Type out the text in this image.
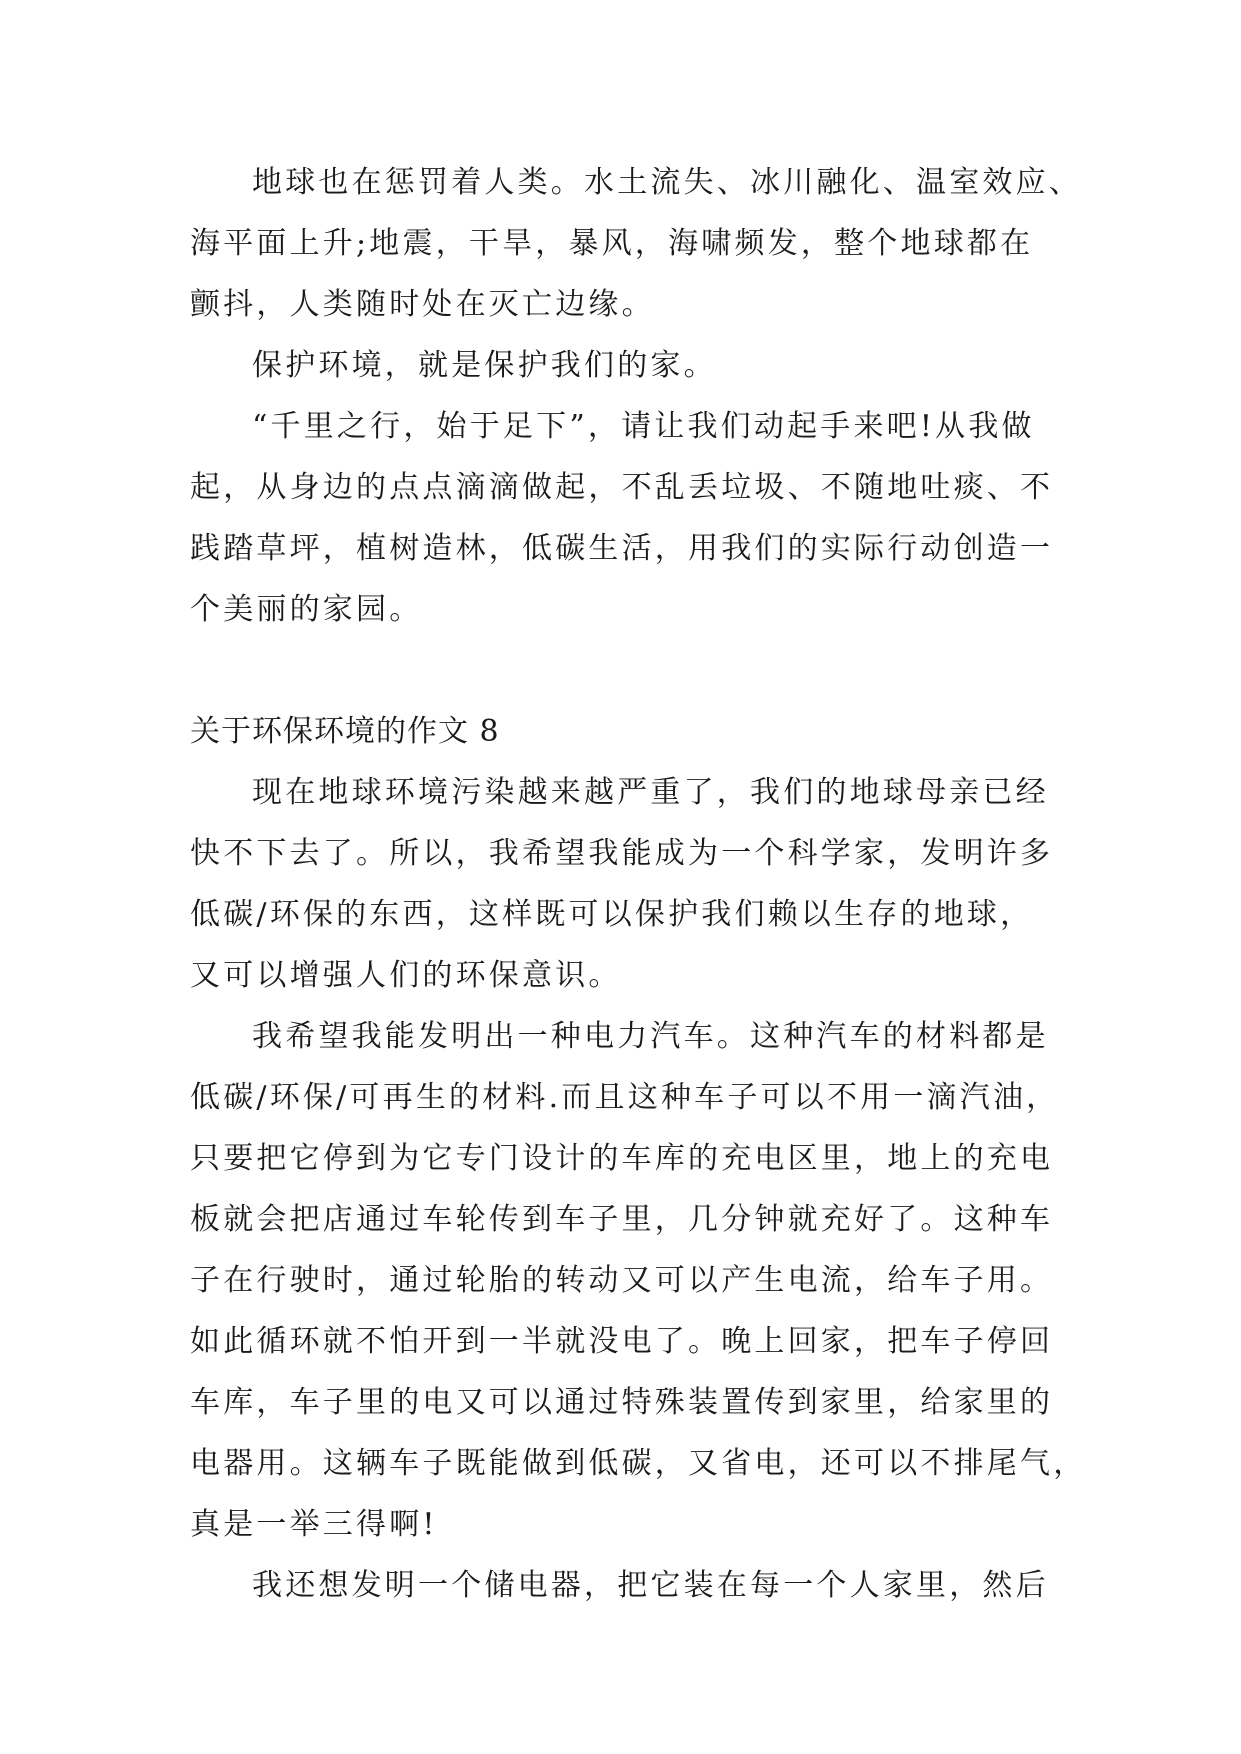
地球也在惩罚着人类。水土流失、冰川融化、温室效应、
海平面上升;地震，干旱，暴风，海啸频发，整个地球都在
颤抖，人类随时处在灭亡边缘。
保护环境，就是保护我们的家。
“千里之行，始于足下”，请让我们动起手来吧!从我做
起，从身边的点点滴滴做起，不乱丢垃圾、不随地吐痰、不
践踏草坪，植树造林，低碳生活，用我们的实际行动创造一
个美丽的家园。
关于环保环境的作文 8
现在地球环境污染越来越严重了，我们的地球母亲已经
快不下去了。所以，我希望我能成为一个科学家，发明许多
低碳/环保的东西，这样既可以保护我们赖以生存的地球，
又可以增强人们的环保意识。
我希望我能发明出一种电力汽车。这种汽车的材料都是
低碳/环保/可再生的材料.而且这种车子可以不用一滴汽油，
只要把它停到为它专门设计的车库的充电区里，地上的充电
板就会把店通过车轮传到车子里，几分钟就充好了。这种车
子在行驶时，通过轮胎的转动又可以产生电流，给车子用。
如此循环就不怕开到一半就没电了。晚上回家，把车子停回
车库，车子里的电又可以通过特殊装置传到家里，给家里的
电器用。这辆车子既能做到低碳，又省电，还可以不排尾气，
真是一举三得啊!
我还想发明一个储电器，把它装在每一个人家里，然后
